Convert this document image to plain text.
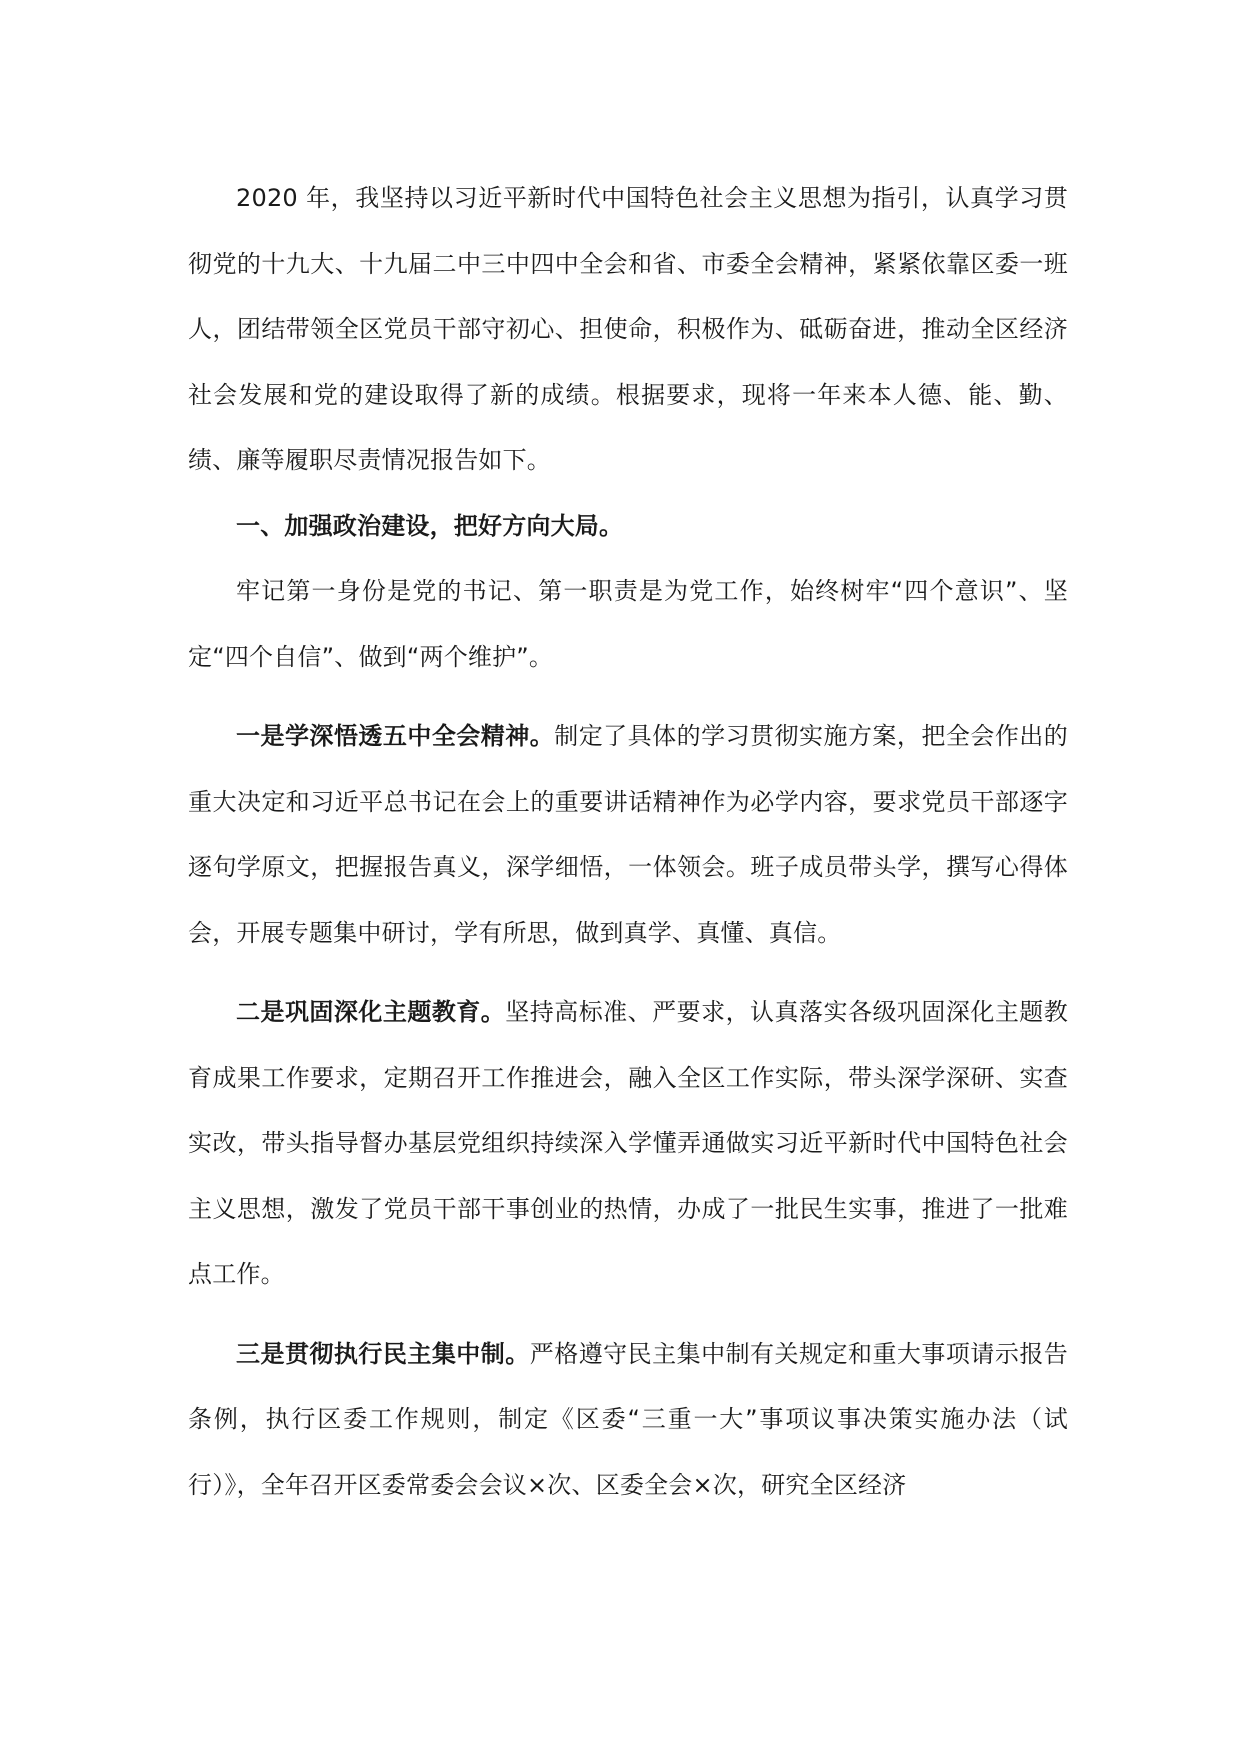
2020 年，我坚持以习近平新时代中国特色社会主义思想为指引，认真学习贯彻党的十九大、十九届二中三中四中全会和省、市委全会精神，紧紧依靠区委一班人，团结带领全区党员干部守初心、担使命，积极作为、砥砺奋进，推动全区经济社会发展和党的建设取得了新的成绩。根据要求，现将一年来本人德、能、勤、绩、廉等履职尽责情况报告如下。

一、加强政治建设，把好方向大局。

牢记第一身份是党的书记、第一职责是为党工作，始终树牢“四个意识”、坚定“四个自信”、做到“两个维护”。

一是学深悟透五中全会精神。制定了具体的学习贯彻实施方案，把全会作出的重大决定和习近平总书记在会上的重要讲话精神作为必学内容，要求党员干部逐字逐句学原文，把握报告真义，深学细悟，一体领会。班子成员带头学，撰写心得体会，开展专题集中研讨，学有所思，做到真学、真懂、真信。

二是巩固深化主题教育。坚持高标准、严要求，认真落实各级巩固深化主题教育成果工作要求，定期召开工作推进会，融入全区工作实际，带头深学深研、实查实改，带头指导督办基层党组织持续深入学懂弄通做实习近平新时代中国特色社会主义思想，激发了党员干部干事创业的热情，办成了一批民生实事，推进了一批难点工作。

三是贯彻执行民主集中制。严格遵守民主集中制有关规定和重大事项请示报告条例，执行区委工作规则，制定《区委“三重一大”事项议事决策实施办法（试行）》，全年召开区委常委会会议×次、区委全会×次，研究全区经济
